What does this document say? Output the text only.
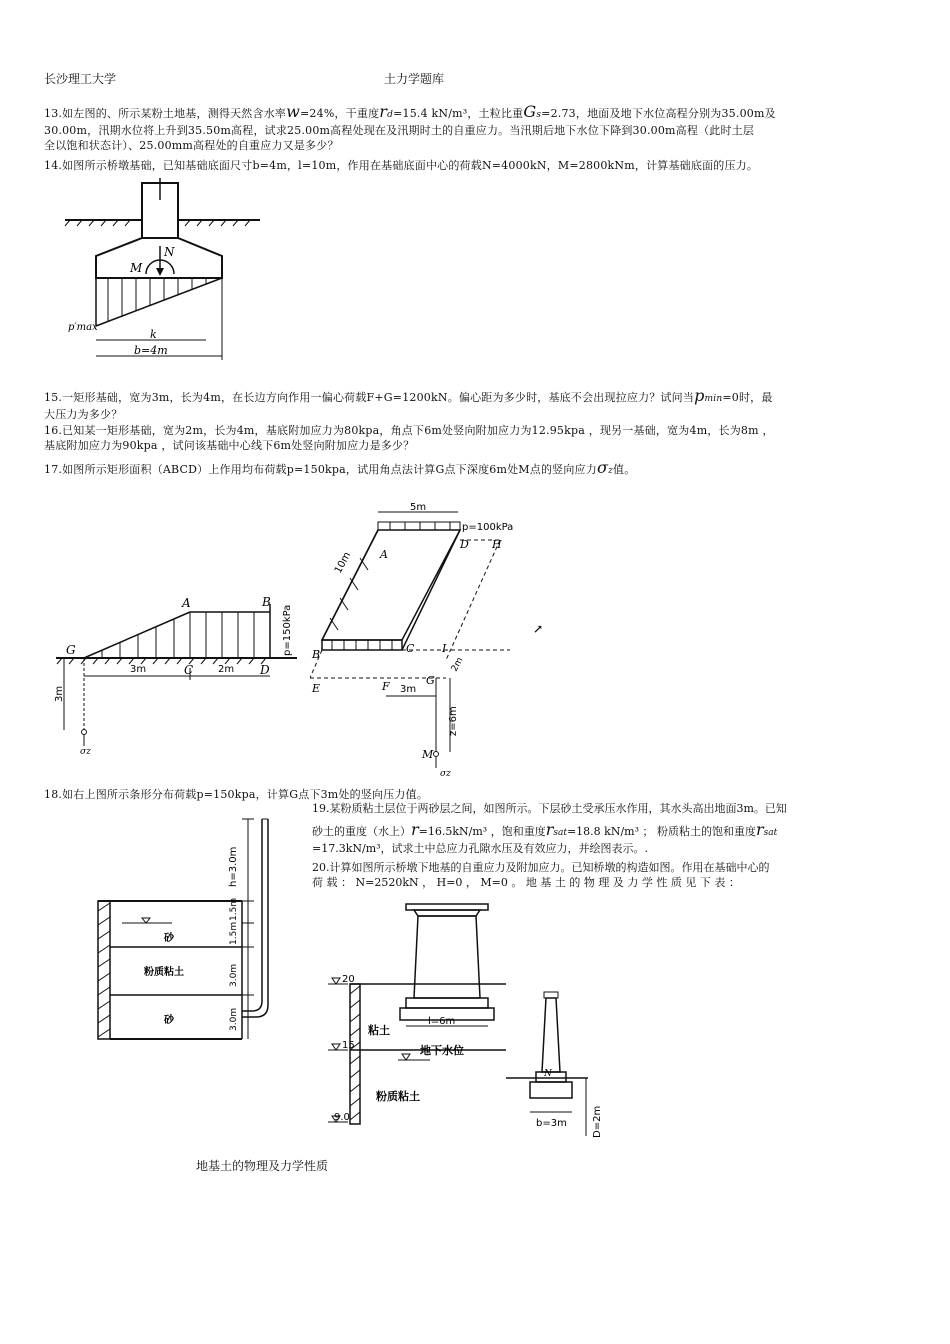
长沙理工大学	土力学题库
13.如左图的、所示某粉土地基，测得天然含水率w=24%，干重度rd=15.4 kN/m³，土粒比重Gs=2.73，地面及地下水位高程分别为35.00m及
30.00m，汛期水位将上升到35.50m高程，试求25.00m高程处现在及汛期时土的自重应力。当汛期后地下水位下降到30.00m高程（此时土层
全以饱和状态计）、25.00mm高程处的自重应力又是多少？
14.如图所示桥墩基础，已知基础底面尺寸b=4m，l=10m，作用在基础底面中心的荷载N=4000kN，M=2800kNm，计算基础底面的压力。
N
M
p′max
k
b=4m
15.一矩形基础，宽为3m，长为4m，在长边方向作用一偏心荷载F+G=1200kN。偏心距为多少时，基底不会出现拉应力？试问当pmin=0时，最
大压力为多少？
16.已知某一矩形基础，宽为2m，长为4m，基底附加应力为80kpa，角点下6m处竖向附加应力为12.95kpa ，现另一基础，宽为4m，长为8m ，
基底附加应力为90kpa ，试问该基础中心线下6m处竖向附加应力是多少？
17.如图所示矩形面积（ABCD）上作用均布荷载p=150kpa，试用角点法计算G点下深度6m处M点的竖向应力σz值。
A	B
G
C	D
p=150kPa
3m	2m
3m
σz
5m
p=100kPa
10m A
D H
B	C	I
E	F	G
2m
3m
z=6m
M
σz
↗
18.如右上图所示条形分布荷载p=150kpa，计算G点下3m处的竖向压力值。
19.某粉质粘土层位于两砂层之间，如图所示。下层砂土受承压水作用，其水头高出地面3m。已知
砂土的重度（水上）r=16.5kN/m³ ，饱和重度rsat=18.8 kN/m³ ； 粉质粘土的饱和重度rsat
=17.3kN/m³，试求土中总应力孔隙水压及有效应力，并绘图表示。.
20.计算如图所示桥墩下地基的自重应力及附加应力。已知桥墩的构造如图。作用在基础中心的
荷 载 ： N=2520kN ， H=0 ， M=0 。 地 基 土 的 物 理 及 力 学 性 质 见 下 表 ：
砂
粉质粘土
砂
h=3.0m
1.5m
1.5m
3.0m
3.0m
20
15
9.0
l=6m
粘土
地下水位
粉质粘土
N
b=3m	D=2m
地基土的物理及力学性质
